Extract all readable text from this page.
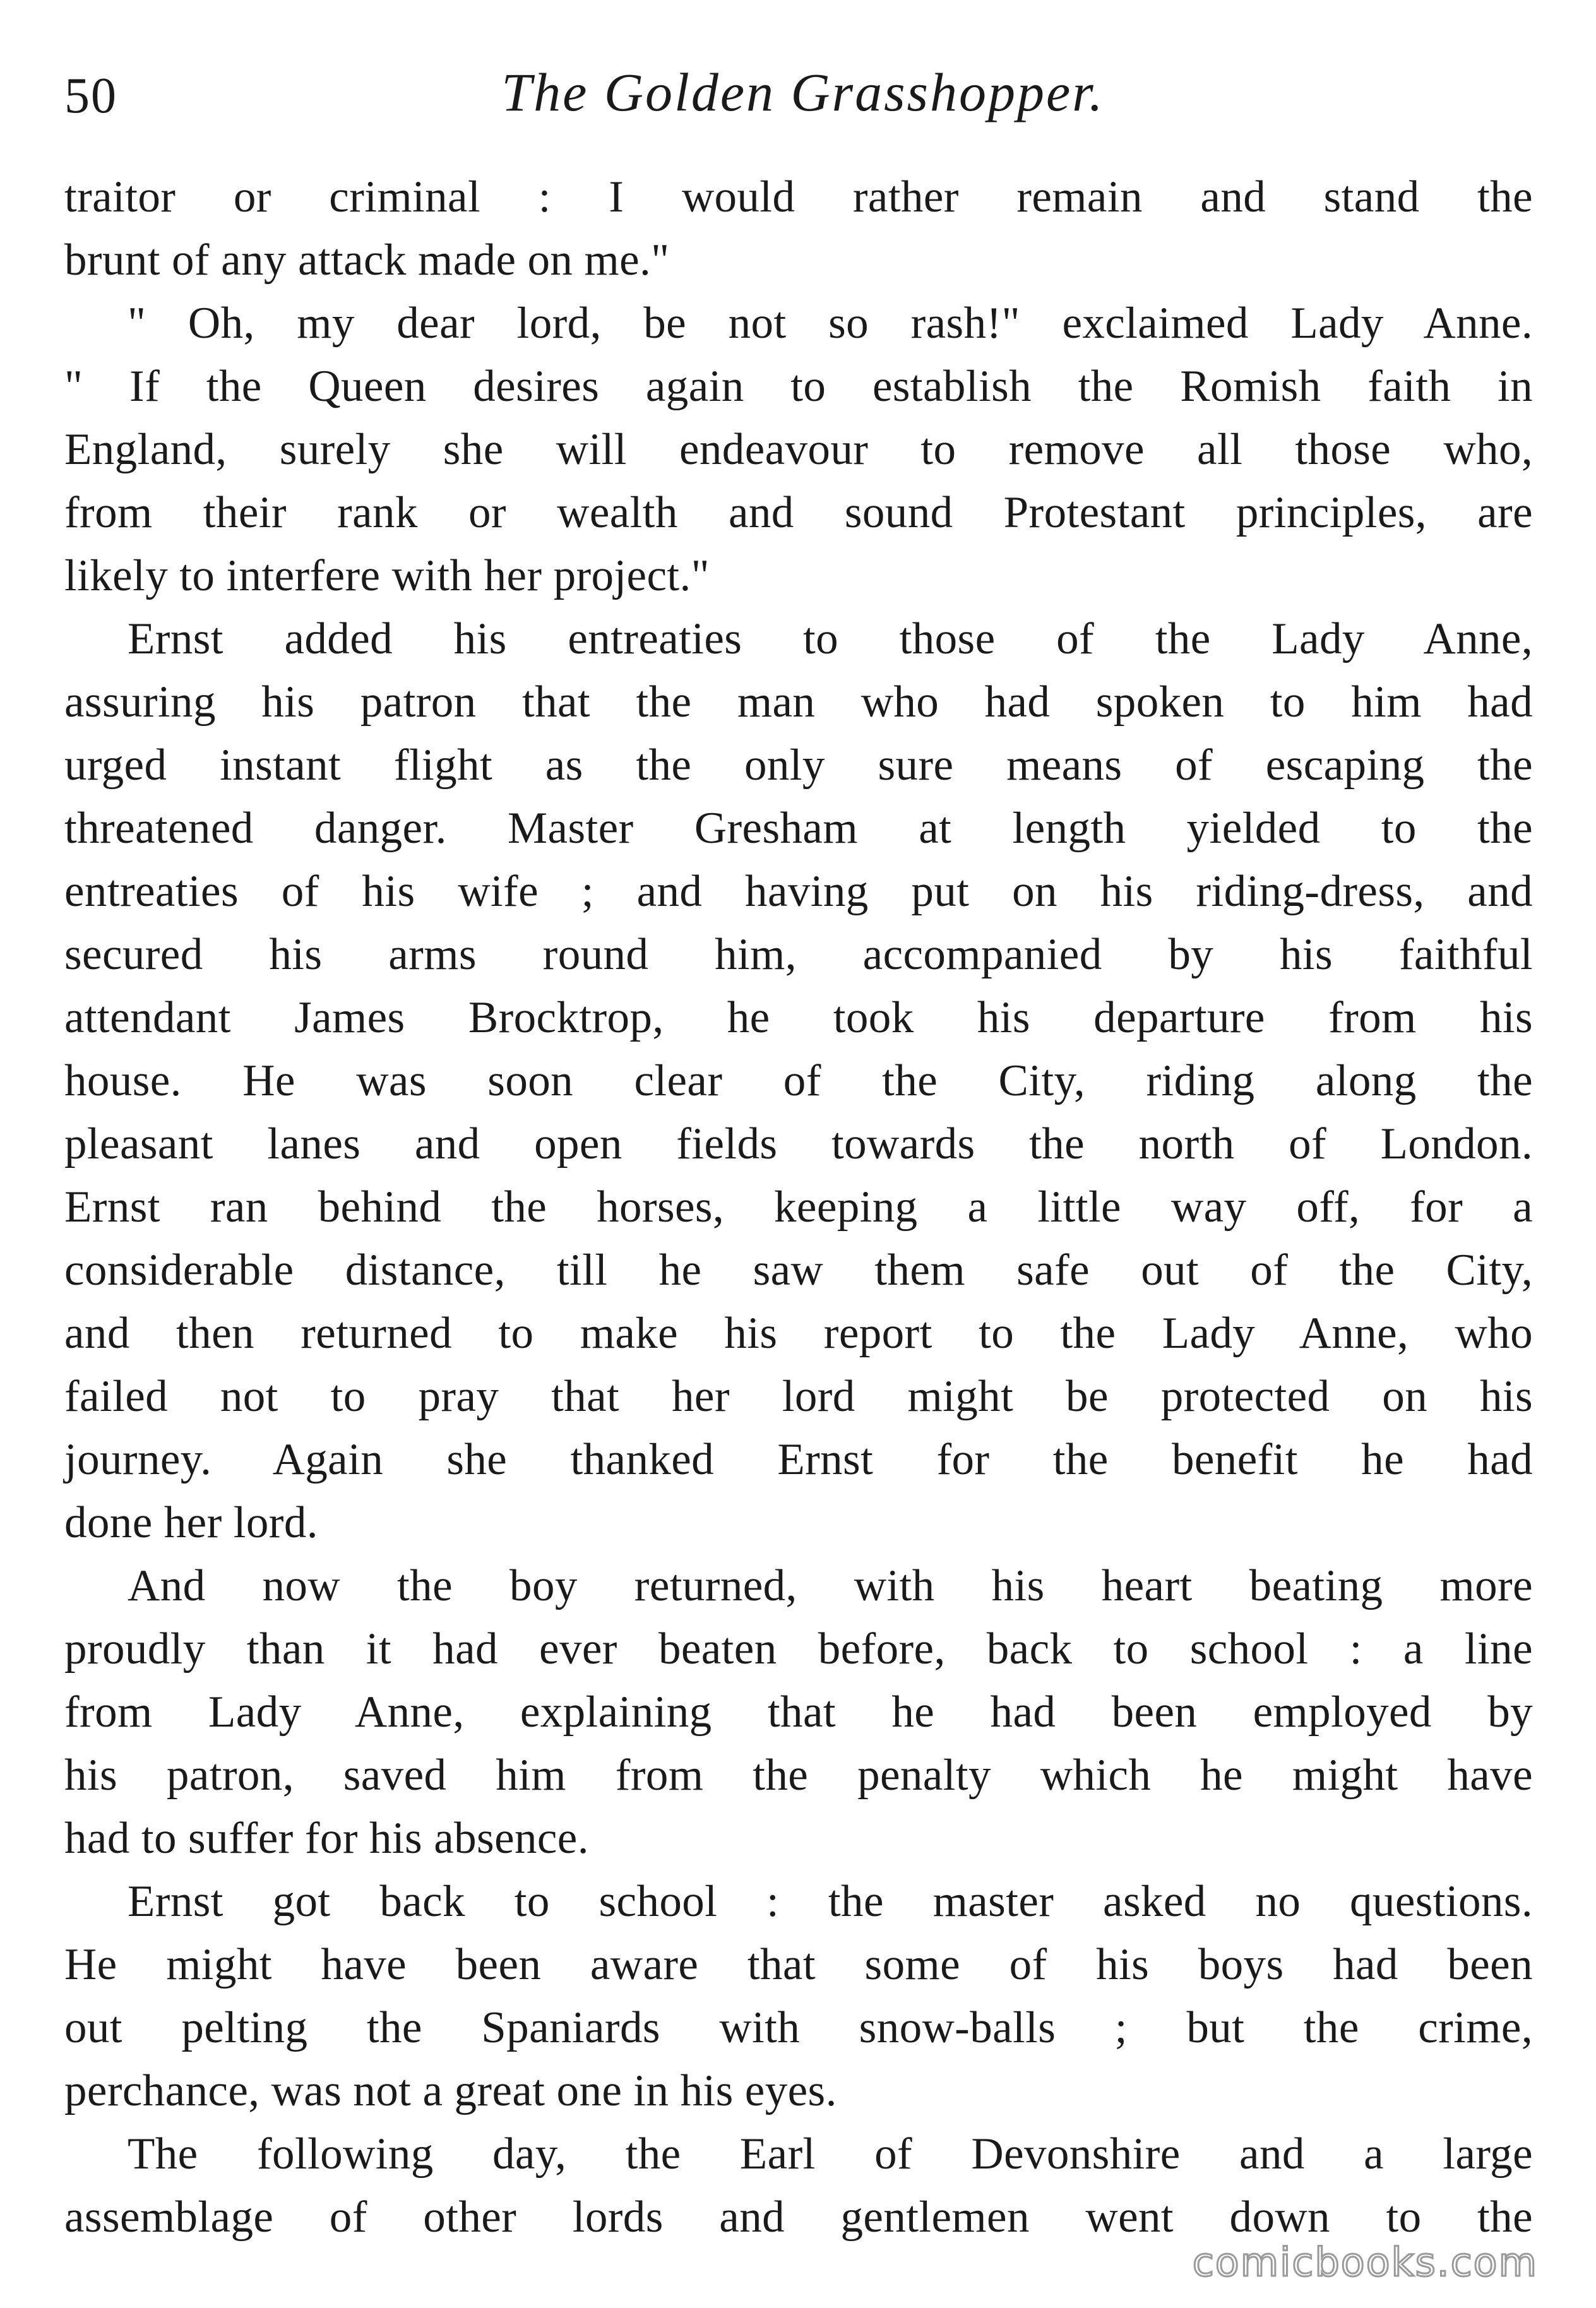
50	The Golden Grasshopper.
traitor or criminal : I would rather remain and stand the
brunt of any attack made on me."
" Oh, my dear lord, be not so rash!" exclaimed Lady Anne.
" If the Queen desires again to establish the Romish faith in
England, surely she will endeavour to remove all those who,
from their rank or wealth and sound Protestant principles, are
likely to interfere with her project."
Ernst added his entreaties to those of the Lady Anne,
assuring his patron that the man who had spoken to him had
urged instant flight as the only sure means of escaping the
threatened danger. Master Gresham at length yielded to the
entreaties of his wife ; and having put on his riding-dress, and
secured his arms round him, accompanied by his faithful
attendant James Brocktrop, he took his departure from his
house. He was soon clear of the City, riding along the
pleasant lanes and open fields towards the north of London.
Ernst ran behind the horses, keeping a little way off, for a
considerable distance, till he saw them safe out of the City,
and then returned to make his report to the Lady Anne, who
failed not to pray that her lord might be protected on his
journey. Again she thanked Ernst for the benefit he had
done her lord.
And now the boy returned, with his heart beating more
proudly than it had ever beaten before, back to school : a line
from Lady Anne, explaining that he had been employed by
his patron, saved him from the penalty which he might have
had to suffer for his absence.
Ernst got back to school : the master asked no questions.
He might have been aware that some of his boys had been
out pelting the Spaniards with snow-balls ; but the crime,
perchance, was not a great one in his eyes.
The following day, the Earl of Devonshire and a large
assemblage of other lords and gentlemen went down to the
comicbooks.com
